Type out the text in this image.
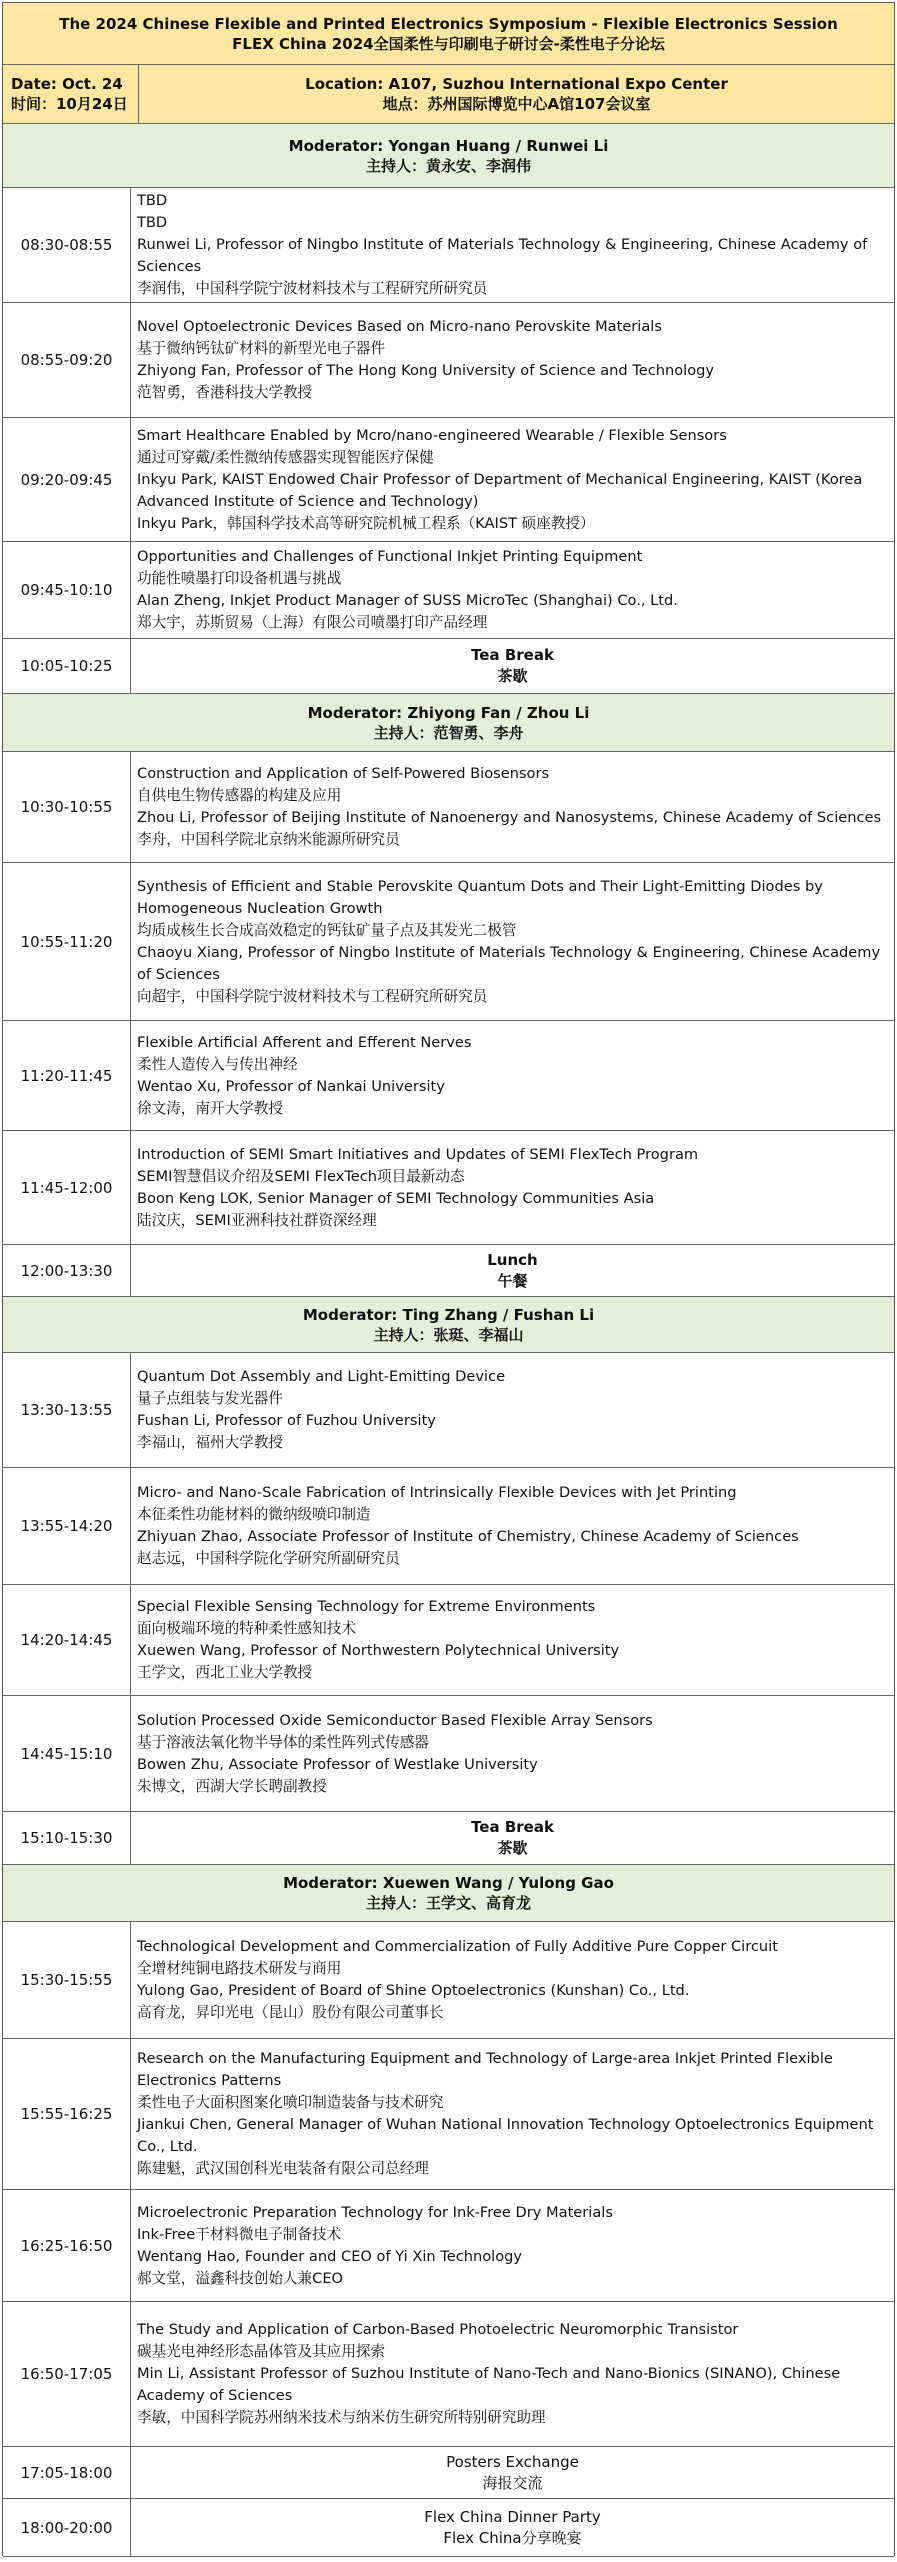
The 2024 Chinese Flexible and Printed Electronics Symposium - Flexible Electronics Session
FLEX China 2024全国柔性与印刷电子研讨会-柔性电子分论坛
Date: Oct. 24
时间：10月24日
Location: A107, Suzhou International Expo Center
地点：苏州国际博览中心A馆107会议室
Moderator: Yongan Huang / Runwei Li
主持人：黄永安、李润伟
08:30-08:55
TBD
TBD
Runwei Li, Professor of Ningbo Institute of Materials Technology & Engineering, Chinese Academy of Sciences
李润伟，中国科学院宁波材料技术与工程研究所研究员
08:55-09:20
Novel Optoelectronic Devices Based on Micro-nano Perovskite Materials
基于微纳钙钛矿材料的新型光电子器件
Zhiyong Fan, Professor of The Hong Kong University of Science and Technology
范智勇，香港科技大学教授
09:20-09:45
Smart Healthcare Enabled by Mcro/nano-engineered Wearable / Flexible Sensors
通过可穿戴/柔性微纳传感器实现智能医疗保健
Inkyu Park, KAIST Endowed Chair Professor of Department of Mechanical Engineering, KAIST (Korea Advanced Institute of Science and Technology)
Inkyu Park，韩国科学技术高等研究院机械工程系（KAIST 硕座教授）
09:45-10:10
Opportunities and Challenges of Functional Inkjet Printing Equipment
功能性喷墨打印设备机遇与挑战
Alan Zheng, Inkjet Product Manager of SUSS MicroTec (Shanghai) Co., Ltd.
郑大宇，苏斯贸易（上海）有限公司喷墨打印产品经理
10:05-10:25
Tea Break
茶歇
Moderator: Zhiyong Fan / Zhou Li
主持人：范智勇、李舟
10:30-10:55
Construction and Application of Self-Powered Biosensors
自供电生物传感器的构建及应用
Zhou Li, Professor of Beijing Institute of Nanoenergy and Nanosystems, Chinese Academy of Sciences
李舟，中国科学院北京纳米能源所研究员
10:55-11:20
Synthesis of Efficient and Stable Perovskite Quantum Dots and Their Light-Emitting Diodes by Homogeneous Nucleation Growth
均质成核生长合成高效稳定的钙钛矿量子点及其发光二极管
Chaoyu Xiang, Professor of Ningbo Institute of Materials Technology & Engineering, Chinese Academy of Sciences
向超宇，中国科学院宁波材料技术与工程研究所研究员
11:20-11:45
Flexible Artificial Afferent and Efferent Nerves
柔性人造传入与传出神经
Wentao Xu, Professor of Nankai University
徐文涛，南开大学教授
11:45-12:00
Introduction of SEMI Smart Initiatives and Updates of SEMI FlexTech Program
SEMI智慧倡议介绍及SEMI FlexTech项目最新动态
Boon Keng LOK, Senior Manager of SEMI Technology Communities Asia
陆汶庆，SEMI亚洲科技社群资深经理
12:00-13:30
Lunch
午餐
Moderator: Ting Zhang / Fushan Li
主持人：张珽、李福山
13:30-13:55
Quantum Dot Assembly and Light-Emitting Device
量子点组装与发光器件
Fushan Li, Professor of Fuzhou University
李福山，福州大学教授
13:55-14:20
Micro- and Nano-Scale Fabrication of Intrinsically Flexible Devices with Jet Printing
本征柔性功能材料的微纳级喷印制造
Zhiyuan Zhao, Associate Professor of Institute of Chemistry, Chinese Academy of Sciences
赵志远，中国科学院化学研究所副研究员
14:20-14:45
Special Flexible Sensing Technology for Extreme Environments
面向极端环境的特种柔性感知技术
Xuewen Wang, Professor of Northwestern Polytechnical University
王学文，西北工业大学教授
14:45-15:10
Solution Processed Oxide Semiconductor Based Flexible Array Sensors
基于溶液法氧化物半导体的柔性阵列式传感器
Bowen Zhu, Associate Professor of Westlake University
朱博文，西湖大学长聘副教授
15:10-15:30
Tea Break
茶歇
Moderator: Xuewen Wang / Yulong Gao
主持人：王学文、高育龙
15:30-15:55
Technological Development and Commercialization of Fully Additive Pure Copper Circuit
全增材纯铜电路技术研发与商用
Yulong Gao, President of Board of Shine Optoelectronics (Kunshan) Co., Ltd.
高育龙，昇印光电（昆山）股份有限公司董事长
15:55-16:25
Research on the Manufacturing Equipment and Technology of Large-area Inkjet Printed Flexible Electronics Patterns
柔性电子大面积图案化喷印制造装备与技术研究
Jiankui Chen, General Manager of Wuhan National Innovation Technology Optoelectronics Equipment Co., Ltd.
陈建魁，武汉国创科光电装备有限公司总经理
16:25-16:50
Microelectronic Preparation Technology for Ink-Free Dry Materials
Ink-Free干材料微电子制备技术
Wentang Hao, Founder and CEO of Yi Xin Technology
郝文堂，溢鑫科技创始人兼CEO
16:50-17:05
The Study and Application of Carbon-Based Photoelectric Neuromorphic Transistor
碳基光电神经形态晶体管及其应用探索
Min Li, Assistant Professor of Suzhou Institute of Nano-Tech and Nano-Bionics (SINANO), Chinese Academy of Sciences
李敏，中国科学院苏州纳米技术与纳米仿生研究所特别研究助理
17:05-18:00
Posters Exchange
海报交流
18:00-20:00
Flex China Dinner Party
Flex China分享晚宴
